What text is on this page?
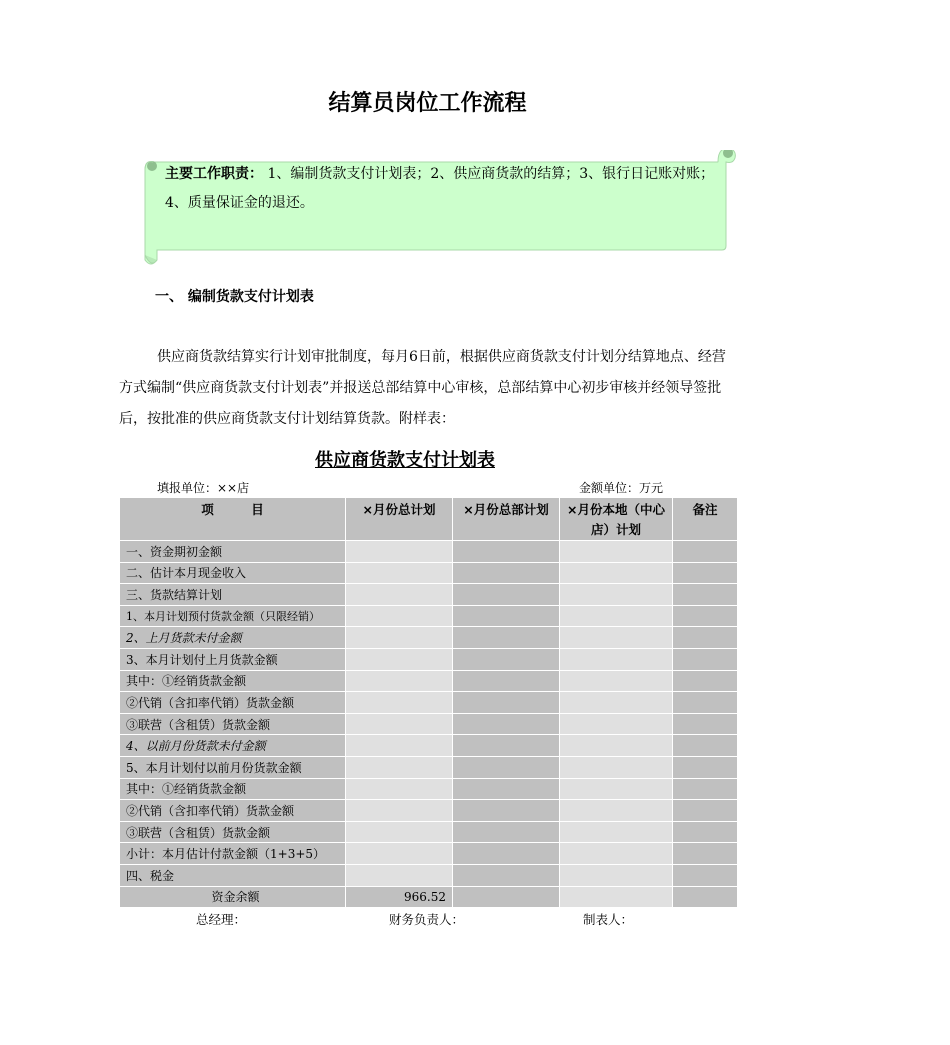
结算员岗位工作流程
主要工作职责： 1、编制货款支付计划表；2、供应商货款的结算；3、银行日记账对账；4、质量保证金的退还。
一、 编制货款支付计划表
供应商货款结算实行计划审批制度，每月6日前，根据供应商货款支付计划分结算地点、经营方式编制“供应商货款支付计划表”并报送总部结算中心审核，总部结算中心初步审核并经领导签批后，按批准的供应商货款支付计划结算货款。附样表：
供应商货款支付计划表
填报单位：××店	金额单位：万元
项　　　目	×月份总计划	×月份总部计划	×月份本地（中心店）计划	备注
一、资金期初金额				
二、估计本月现金收入				
三、货款结算计划				
1、本月计划预付货款金额（只限经销）				
2、上月货款未付金额				
3、本月计划付上月货款金额				
其中：①经销货款金额				
②代销（含扣率代销）货款金额				
③联营（含租赁）货款金额				
4、以前月份货款未付金额				
5、本月计划付以前月份货款金额				
其中：①经销货款金额				
②代销（含扣率代销）货款金额				
③联营（含租赁）货款金额				
小计：本月估计付款金额（1+3+5）				
四、税金				
资金余额	966.52			
总经理：	财务负责人：	制表人：
